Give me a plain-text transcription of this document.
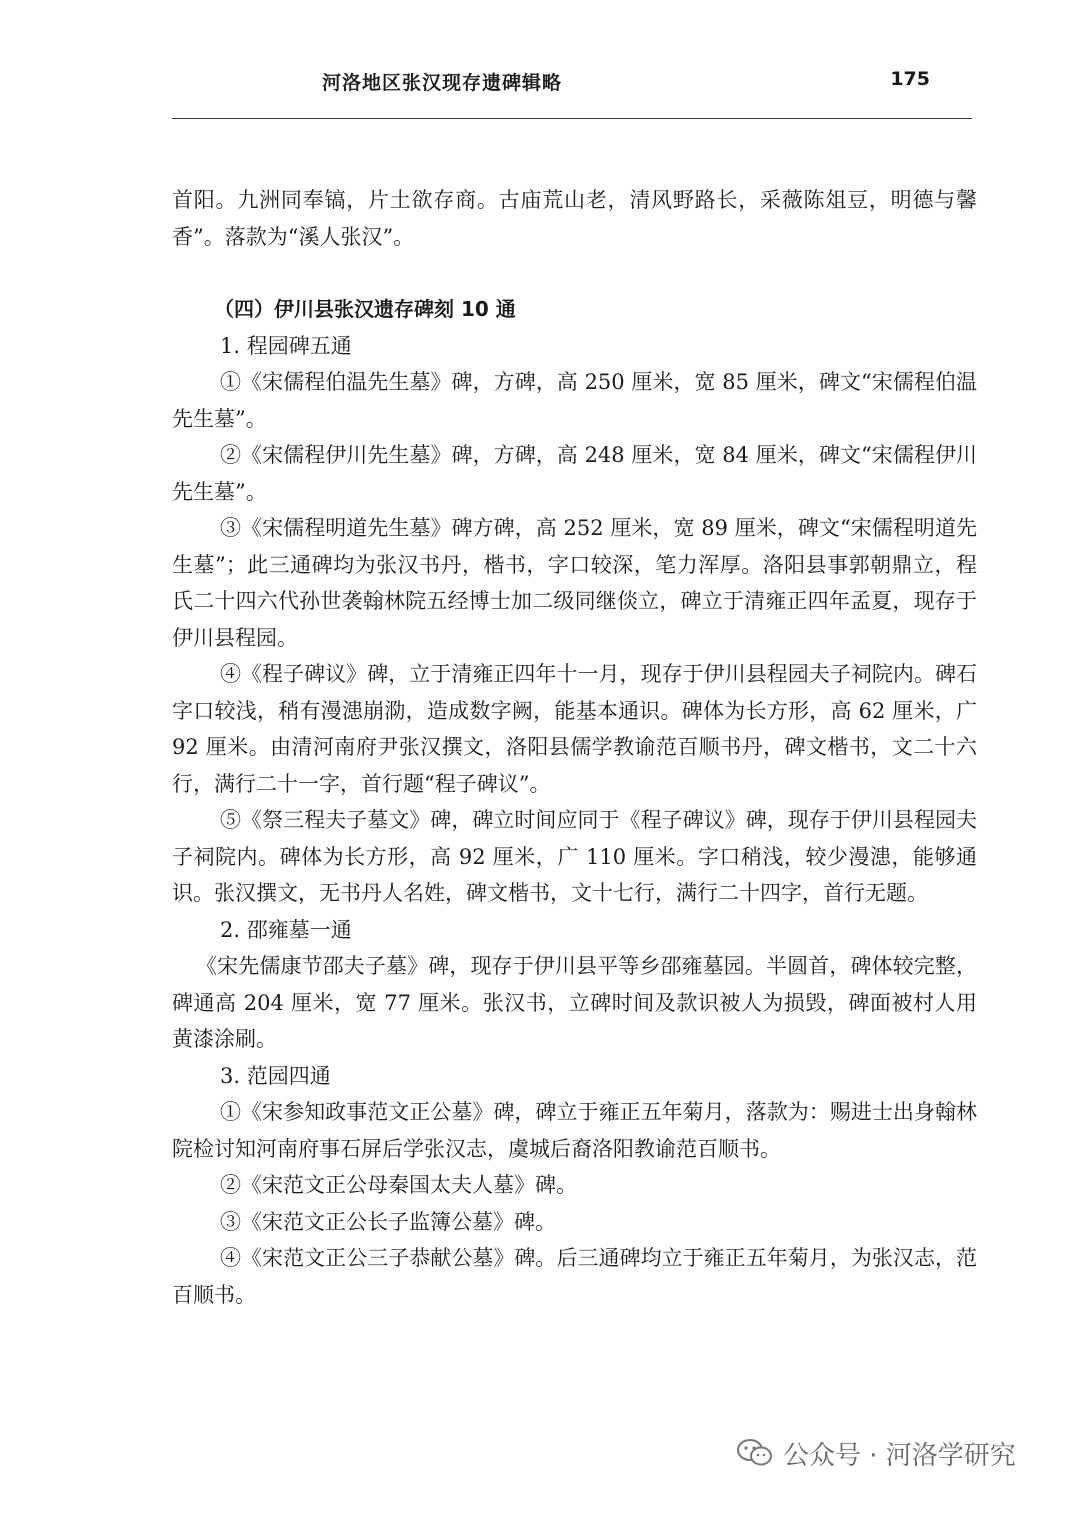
河洛地区张汉现存遗碑辑略	175

首阳。九洲同奉镐，片土欲存商。古庙荒山老，清风野路长，采薇陈俎豆，明德与馨香”。落款为“溪人张汉”。

（四）伊川县张汉遗存碑刻 10 通

1. 程园碑五通

①《宋儒程伯温先生墓》碑，方碑，高 250 厘米，宽 85 厘米，碑文“宋儒程伯温先生墓”。

②《宋儒程伊川先生墓》碑，方碑，高 248 厘米，宽 84 厘米，碑文“宋儒程伊川先生墓”。

③《宋儒程明道先生墓》碑方碑，高 252 厘米，宽 89 厘米，碑文“宋儒程明道先生墓”；此三通碑均为张汉书丹，楷书，字口较深，笔力浑厚。洛阳县事郭朝鼎立，程氏二十四六代孙世袭翰林院五经博士加二级同继倓立，碑立于清雍正四年孟夏，现存于伊川县程园。

④《程子碑议》碑，立于清雍正四年十一月，现存于伊川县程园夫子祠院内。碑石字口较浅，稍有漫漶崩泐，造成数字阙，能基本通识。碑体为长方形，高 62 厘米，广 92 厘米。由清河南府尹张汉撰文，洛阳县儒学教谕范百顺书丹，碑文楷书，文二十六行，满行二十一字，首行题“程子碑议”。

⑤《祭三程夫子墓文》碑，碑立时间应同于《程子碑议》碑，现存于伊川县程园夫子祠院内。碑体为长方形，高 92 厘米，广 110 厘米。字口稍浅，较少漫漶，能够通识。张汉撰文，无书丹人名姓，碑文楷书，文十七行，满行二十四字，首行无题。

2. 邵雍墓一通

《宋先儒康节邵夫子墓》碑，现存于伊川县平等乡邵雍墓园。半圆首，碑体较完整，碑通高 204 厘米，宽 77 厘米。张汉书，立碑时间及款识被人为损毁，碑面被村人用黄漆涂刷。

3. 范园四通

①《宋参知政事范文正公墓》碑，碑立于雍正五年菊月，落款为：赐进士出身翰林院检讨知河南府事石屏后学张汉志，虞城后裔洛阳教谕范百顺书。

②《宋范文正公母秦国太夫人墓》碑。

③《宋范文正公长子监簿公墓》碑。

④《宋范文正公三子恭献公墓》碑。后三通碑均立于雍正五年菊月，为张汉志，范百顺书。

公众号 · 河洛学研究
